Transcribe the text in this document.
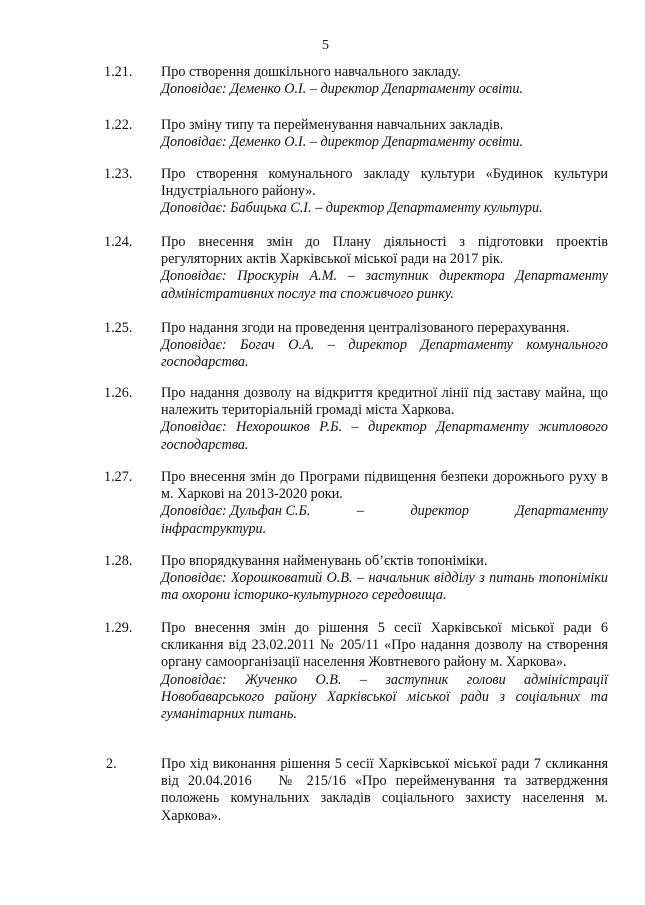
5
1.21. Про створення дошкільного навчального закладу.
Доповідає: Деменко О.І. – директор Департаменту освіти.
1.22. Про зміну типу та перейменування навчальних закладів.
Доповідає: Деменко О.І. – директор Департаменту освіти.
1.23. Про створення комунального закладу культури «Будинок культури Індустріального району».
Доповідає: Бабицька С.І. – директор Департаменту культури.
1.24. Про внесення змін до Плану діяльності з підготовки проектів регуляторних актів Харківської міської ради на 2017 рік.
Доповідає: Проскурін А.М. – заступник директора Департаменту адміністративних послуг та споживчого ринку.
1.25. Про надання згоди на проведення централізованого перерахування.
Доповідає: Богач О.А. – директор Департаменту комунального господарства.
1.26. Про надання дозволу на відкриття кредитної лінії під заставу майна, що належить територіальній громаді міста Харкова.
Доповідає: Нехорошков Р.Б. – директор Департаменту житлового господарства.
1.27. Про внесення змін до Програми підвищення безпеки дорожнього руху в м. Харкові на 2013-2020 роки.
Доповідає: Дульфан С.Б.	–	директор	Департаменту
інфраструктури.
1.28. Про впорядкування найменувань об’єктів топоніміки.
Доповідає: Хорошковатий О.В. – начальник відділу з питань топоніміки та охорони історико-культурного середовища.
1.29. Про внесення змін до рішення 5 сесії Харківської міської ради 6 скликання від 23.02.2011 № 205/11 «Про надання дозволу на створення органу самоорганізації населення Жовтневого району м. Харкова».
Доповідає: Жученко О.В. – заступник голови адміністрації Новобаварського району Харківської міської ради з соціальних та гуманітарних питань.
2.	Про хід виконання рішення 5 сесії Харківської міської ради 7 скликання від 20.04.2016   № 215/16 «Про перейменування та затвердження положень комунальних закладів соціального захисту населення м. Харкова».
